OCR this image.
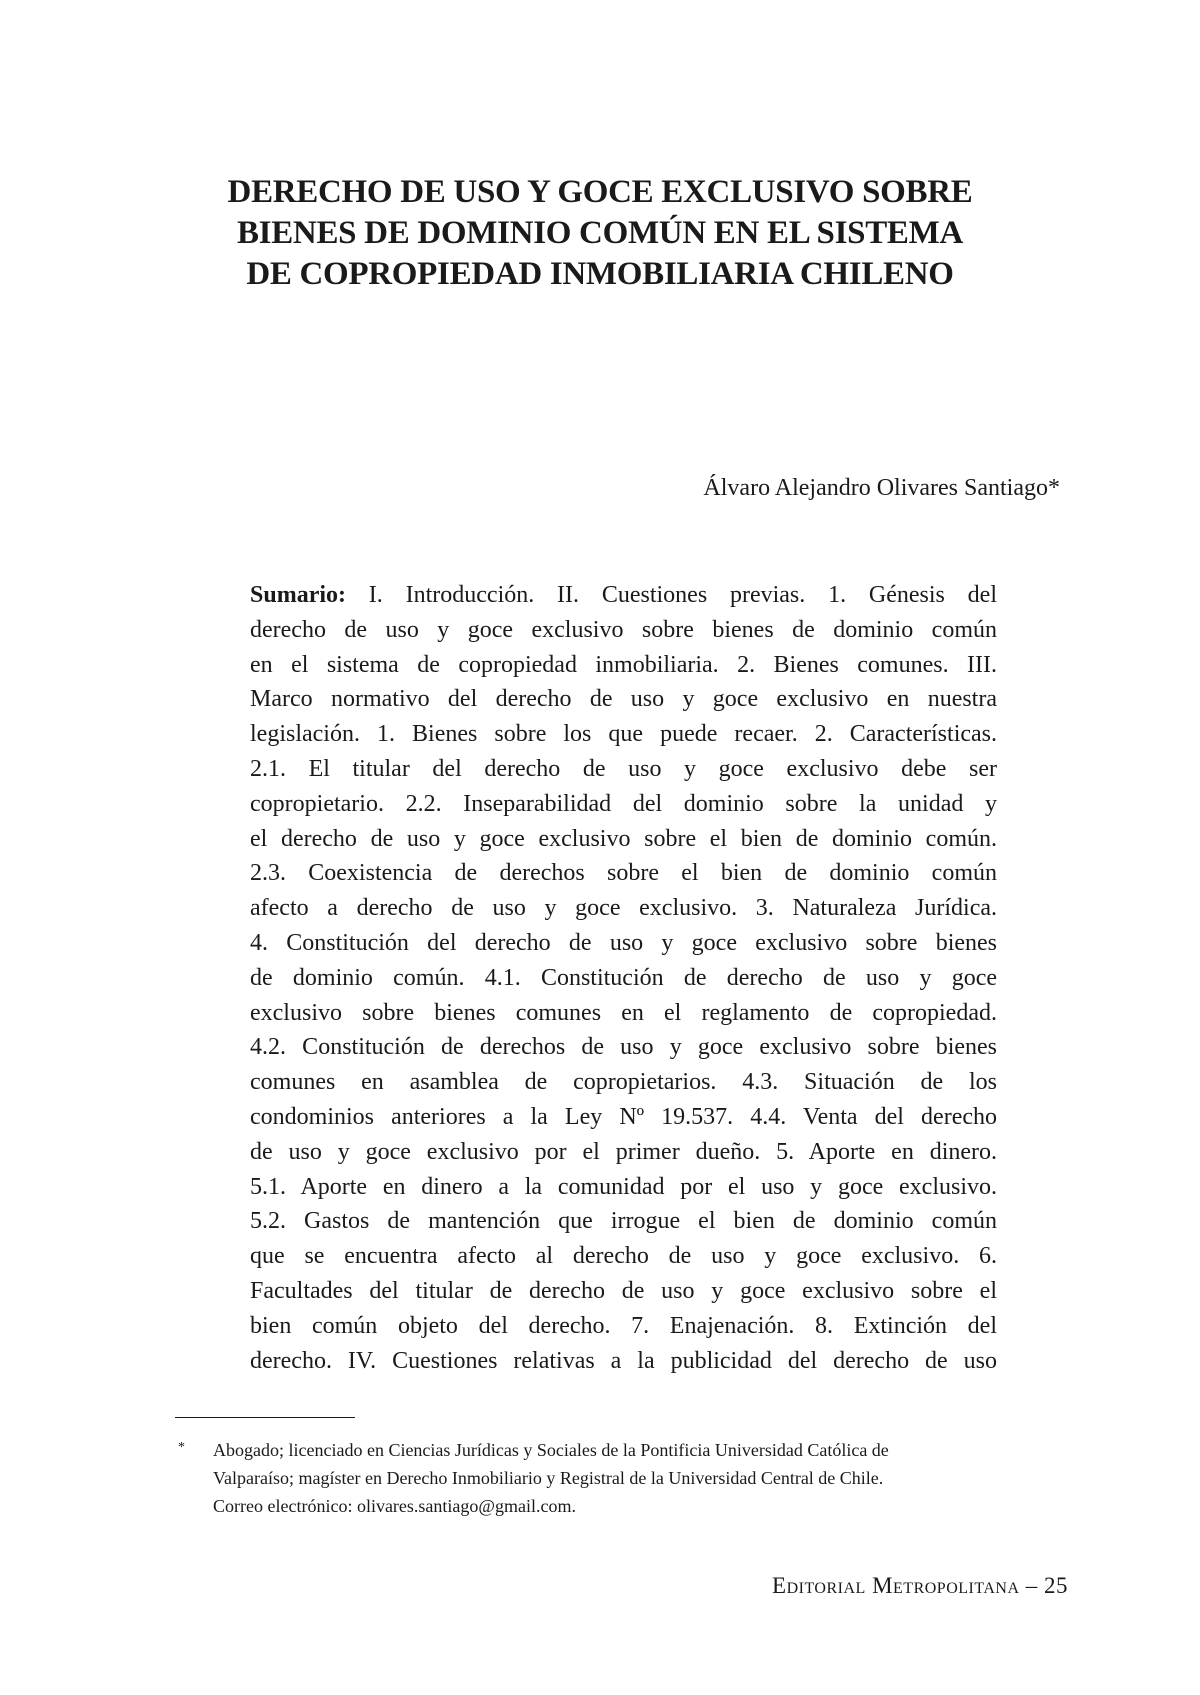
DERECHO DE USO Y GOCE EXCLUSIVO SOBRE
BIENES DE DOMINIO COMÚN EN EL SISTEMA
DE COPROPIEDAD INMOBILIARIA CHILENO

Álvaro Alejandro Olivares Santiago*

Sumario: I. Introducción. II. Cuestiones previas. 1. Génesis del
derecho de uso y goce exclusivo sobre bienes de dominio común
en el sistema de copropiedad inmobiliaria. 2. Bienes comunes. III.
Marco normativo del derecho de uso y goce exclusivo en nuestra
legislación. 1. Bienes sobre los que puede recaer. 2. Características.
2.1. El titular del derecho de uso y goce exclusivo debe ser
copropietario. 2.2. Inseparabilidad del dominio sobre la unidad y
el derecho de uso y goce exclusivo sobre el bien de dominio común.
2.3. Coexistencia de derechos sobre el bien de dominio común
afecto a derecho de uso y goce exclusivo. 3. Naturaleza Jurídica.
4. Constitución del derecho de uso y goce exclusivo sobre bienes
de dominio común. 4.1. Constitución de derecho de uso y goce
exclusivo sobre bienes comunes en el reglamento de copropiedad.
4.2. Constitución de derechos de uso y goce exclusivo sobre bienes
comunes en asamblea de copropietarios. 4.3. Situación de los
condominios anteriores a la Ley Nº 19.537. 4.4. Venta del derecho
de uso y goce exclusivo por el primer dueño. 5. Aporte en dinero.
5.1. Aporte en dinero a la comunidad por el uso y goce exclusivo.
5.2. Gastos de mantención que irrogue el bien de dominio común
que se encuentra afecto al derecho de uso y goce exclusivo. 6.
Facultades del titular de derecho de uso y goce exclusivo sobre el
bien común objeto del derecho. 7. Enajenación. 8. Extinción del
derecho. IV. Cuestiones relativas a la publicidad del derecho de uso
* Abogado; licenciado en Ciencias Jurídicas y Sociales de la Pontificia Universidad Católica de
Valparaíso; magíster en Derecho Inmobiliario y Registral de la Universidad Central de Chile.
Correo electrónico: olivares.santiago@gmail.com.
Editorial Metropolitana – 25
